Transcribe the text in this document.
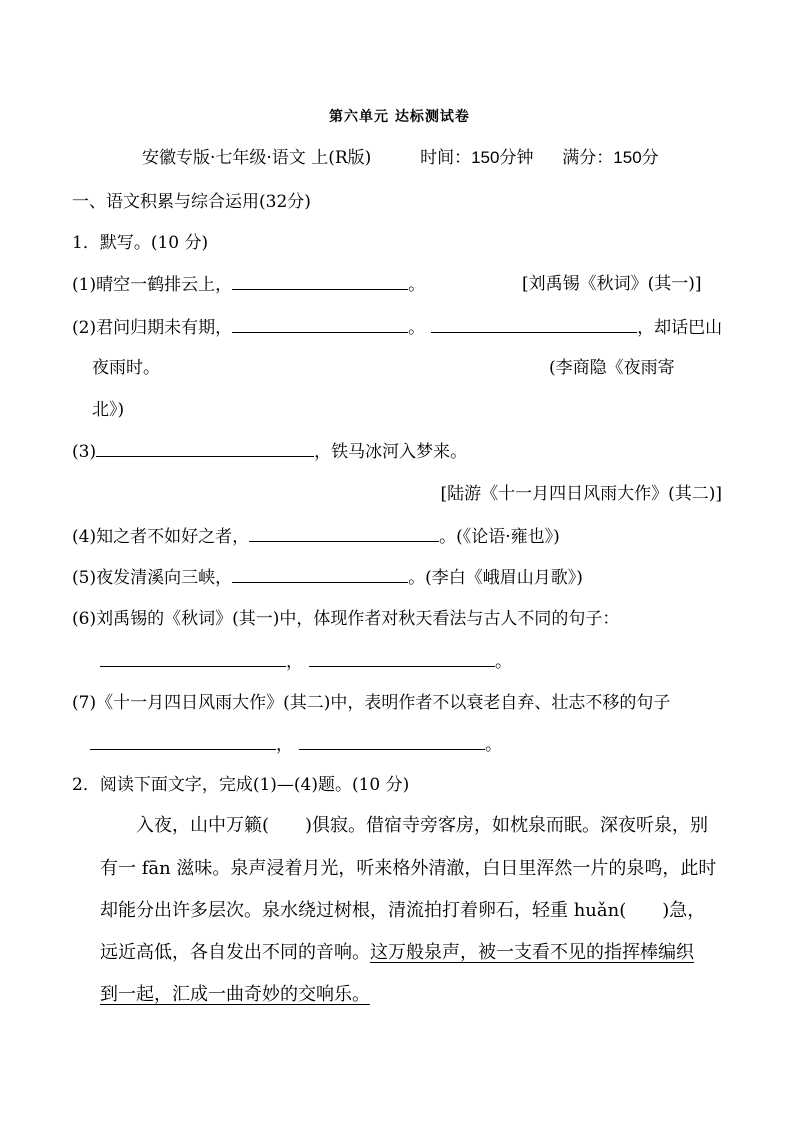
第六单元 达标测试卷
安徽专版·七年级·语文 上(R版)	时间：150分钟 满分：150分
一、语文积累与综合运用(32分)
1．默写。(10 分)
(1)晴空一鹤排云上，	。	[刘禹锡《秋词》(其一)]
(2)君问归期未有期，	。	，却话巴山
夜雨时。	(李商隐《夜雨寄
北》)
(3)	，铁马冰河入梦来。
[陆游《十一月四日风雨大作》(其二)]
(4)知之者不如好之者，	。(《论语·雍也》)
(5)夜发清溪向三峡，	。(李白《峨眉山月歌》)
(6)刘禹锡的《秋词》(其一)中，体现作者对秋天看法与古人不同的句子：
，	。
(7)《十一月四日风雨大作》(其二)中，表明作者不以衰老自弃、壮志不移的句子
，	。
2．阅读下面文字，完成(1)—(4)题。(10 分)
入夜，山中万籁(　　)俱寂。借宿寺旁客房，如枕泉而眠。深夜听泉，别
有一 fān 滋味。泉声浸着月光，听来格外清澈，白日里浑然一片的泉鸣，此时
却能分出许多层次。泉水绕过树根，清流拍打着卵石，轻重 huǎn(　　)急，
远近高低，各自发出不同的音响。这万般泉声，被一支看不见的指挥棒编织
到一起，汇成一曲奇妙的交响乐。
